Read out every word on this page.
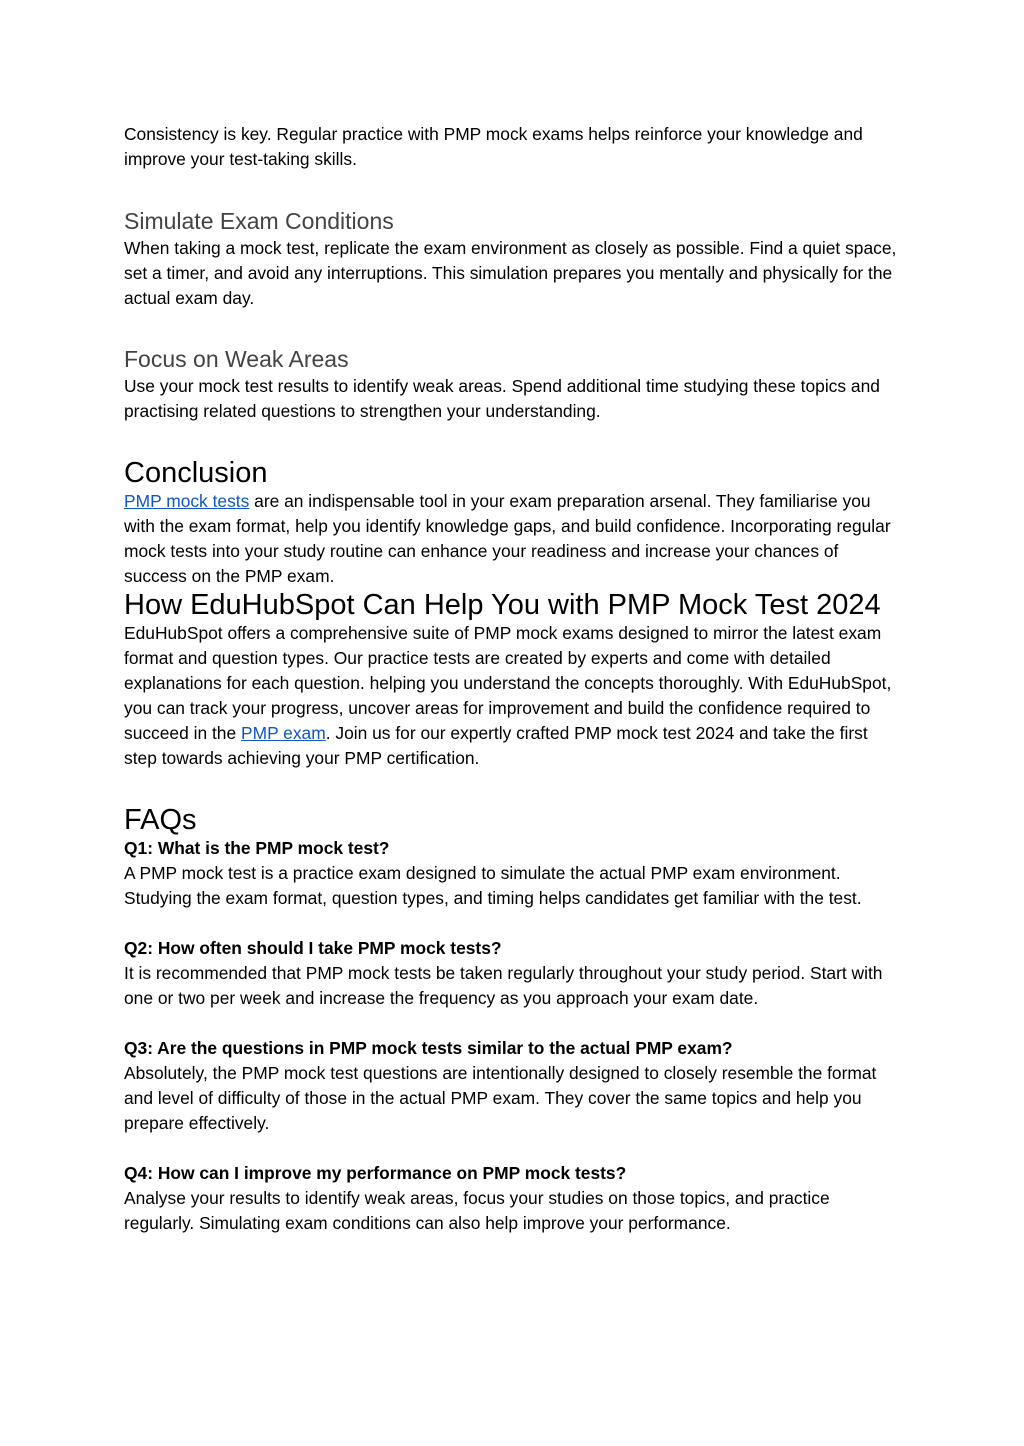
Consistency is key. Regular practice with PMP mock exams helps reinforce your knowledge and improve your test-taking skills.

Simulate Exam Conditions

When taking a mock test, replicate the exam environment as closely as possible. Find a quiet space, set a timer, and avoid any interruptions. This simulation prepares you mentally and physically for the actual exam day.

Focus on Weak Areas

Use your mock test results to identify weak areas. Spend additional time studying these topics and practising related questions to strengthen your understanding.

Conclusion

PMP mock tests are an indispensable tool in your exam preparation arsenal. They familiarise you with the exam format, help you identify knowledge gaps, and build confidence. Incorporating regular mock tests into your study routine can enhance your readiness and increase your chances of success on the PMP exam.

How EduHubSpot Can Help You with PMP Mock Test 2024

EduHubSpot offers a comprehensive suite of PMP mock exams designed to mirror the latest exam format and question types. Our practice tests are created by experts and come with detailed explanations for each question. helping you understand the concepts thoroughly. With EduHubSpot, you can track your progress, uncover areas for improvement and build the confidence required to succeed in the PMP exam. Join us for our expertly crafted PMP mock test 2024 and take the first step towards achieving your PMP certification.

FAQs

Q1: What is the PMP mock test?

A PMP mock test is a practice exam designed to simulate the actual PMP exam environment. Studying the exam format, question types, and timing helps candidates get familiar with the test.

Q2: How often should I take PMP mock tests?

It is recommended that PMP mock tests be taken regularly throughout your study period. Start with one or two per week and increase the frequency as you approach your exam date.

Q3: Are the questions in PMP mock tests similar to the actual PMP exam?

Absolutely, the PMP mock test questions are intentionally designed to closely resemble the format and level of difficulty of those in the actual PMP exam. They cover the same topics and help you prepare effectively.

Q4: How can I improve my performance on PMP mock tests?

Analyse your results to identify weak areas, focus your studies on those topics, and practice regularly. Simulating exam conditions can also help improve your performance.
